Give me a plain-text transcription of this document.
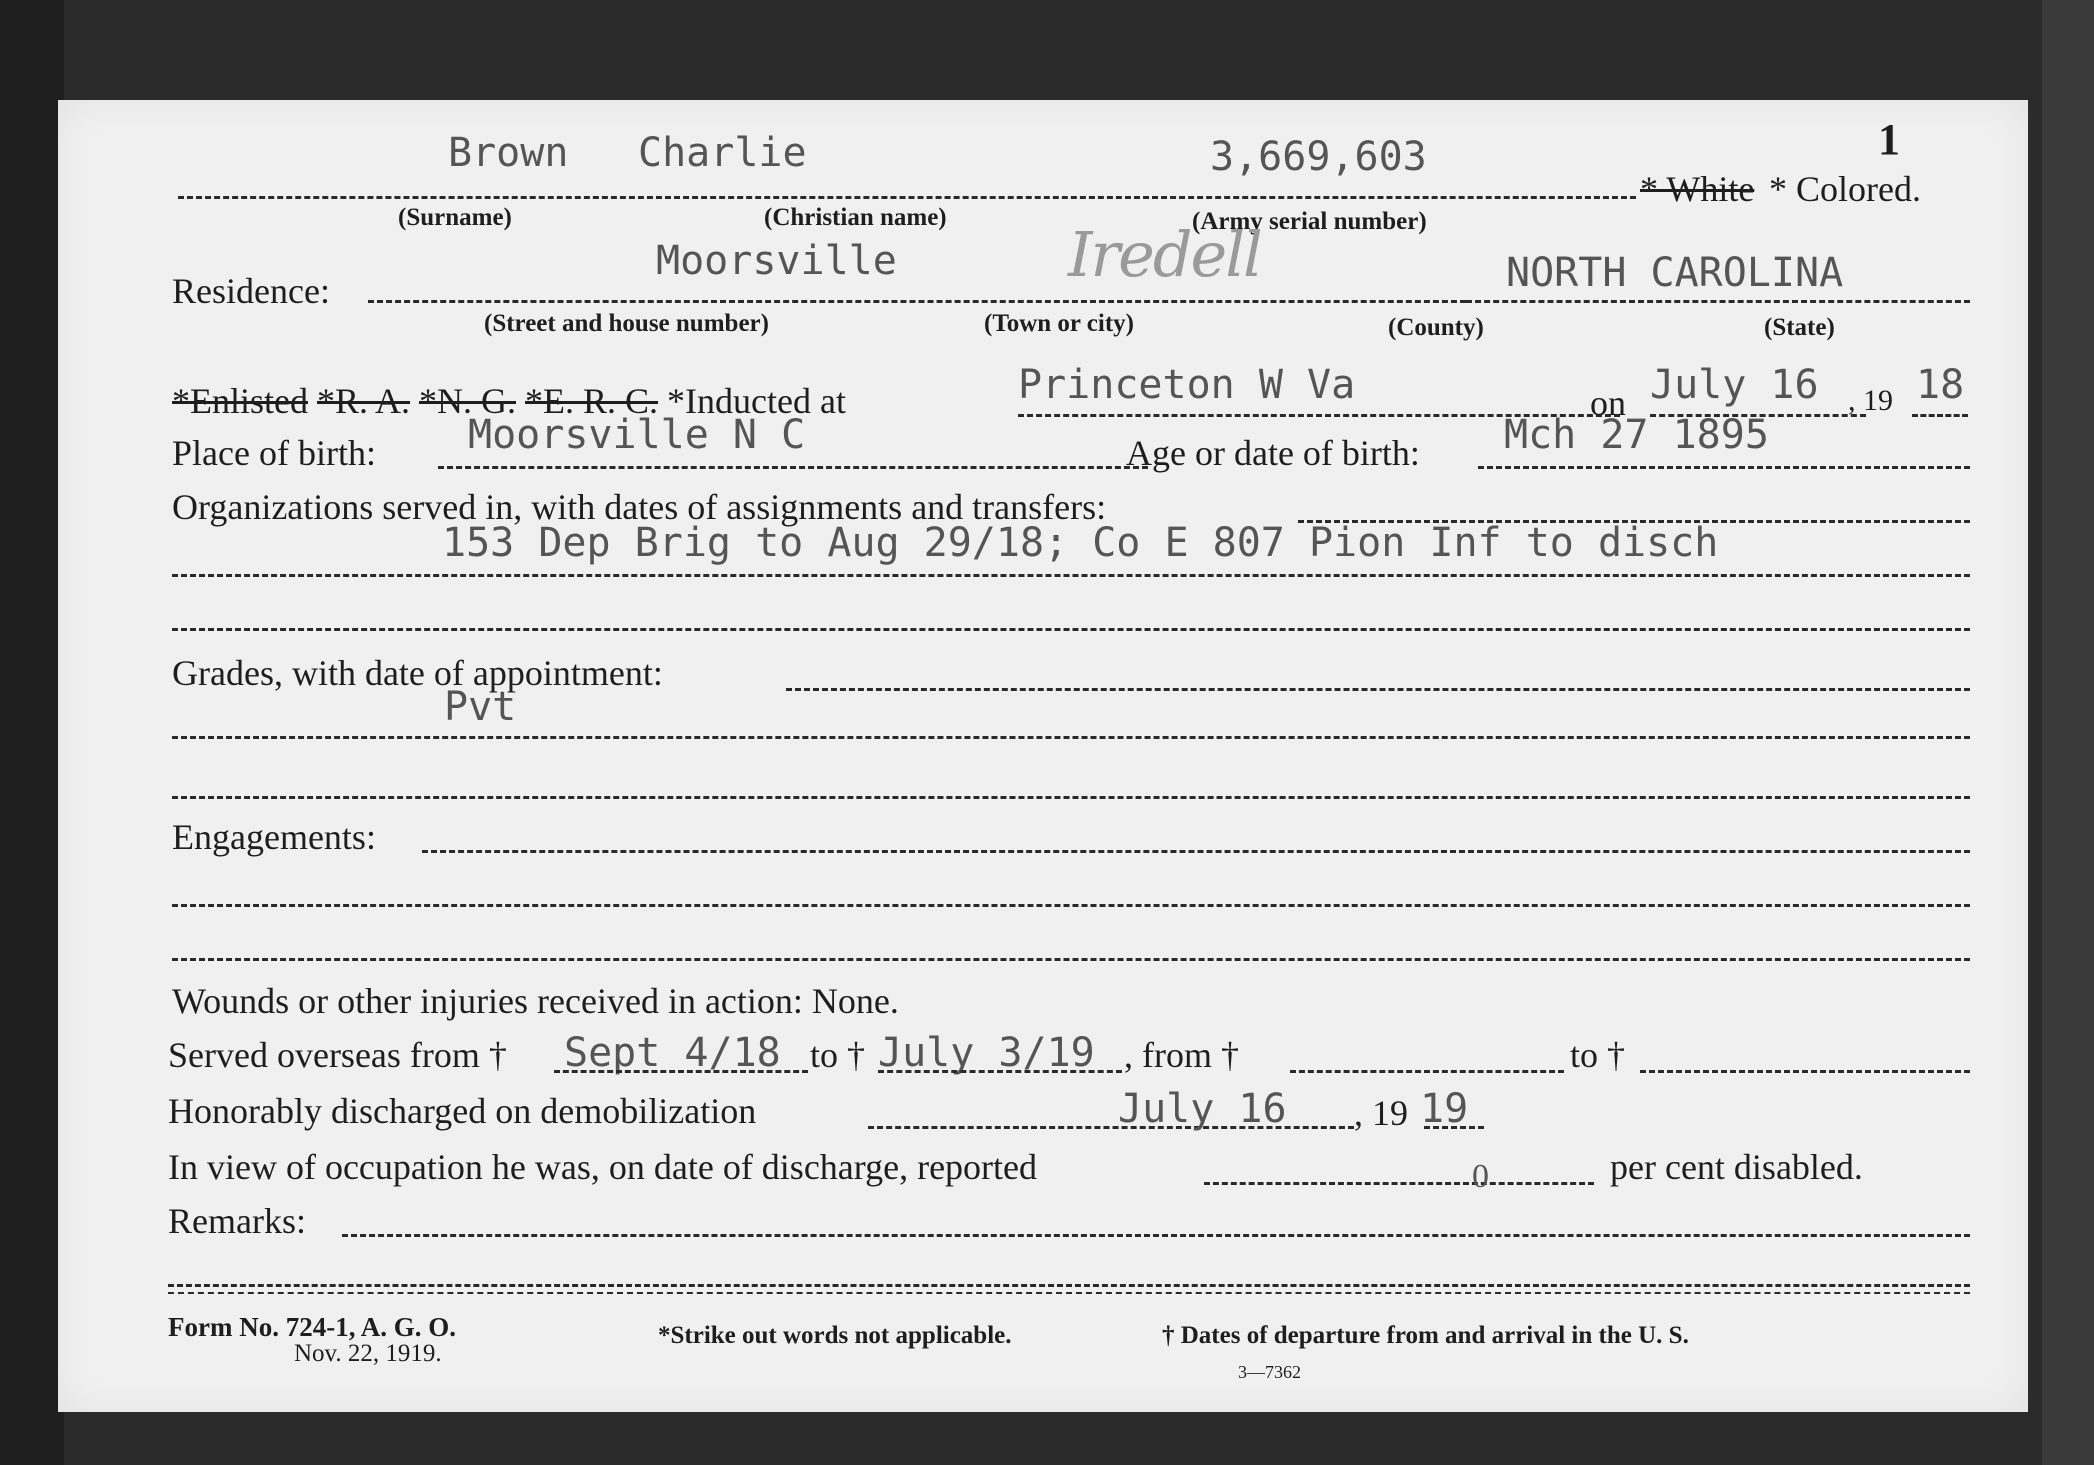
1
Brown Charlie	3,669,603
* White * Colored.
(Surname)	(Christian name)	(Army serial number)
Residence:
Moorsville	Iredell	NORTH CAROLINA
(Street and house number)	(Town or city)	(County)	(State)
*Enlisted *R. A. *N. G. *E. R. C. *Inducted at	Princeton W Va	on July 16 , 19 18
Place of birth: Moorsville N C	Age or date of birth: Mch 27 1895
Organizations served in, with dates of assignments and transfers:
153 Dep Brig to Aug 29/18; Co E 807 Pion Inf to disch
Grades, with date of appointment:
Pvt
Engagements:
Wounds or other injuries received in action: None.
Served overseas from † Sept 4/18 to † July 3/19 , from †	to †
Honorably discharged on demobilization	July 16 , 19 19
In view of occupation he was, on date of discharge, reported	0	per cent disabled.
Remarks:
Form No. 724-1, A. G. O.
Nov. 22, 1919.
*Strike out words not applicable.	† Dates of departure from and arrival in the U. S.
3—7362
